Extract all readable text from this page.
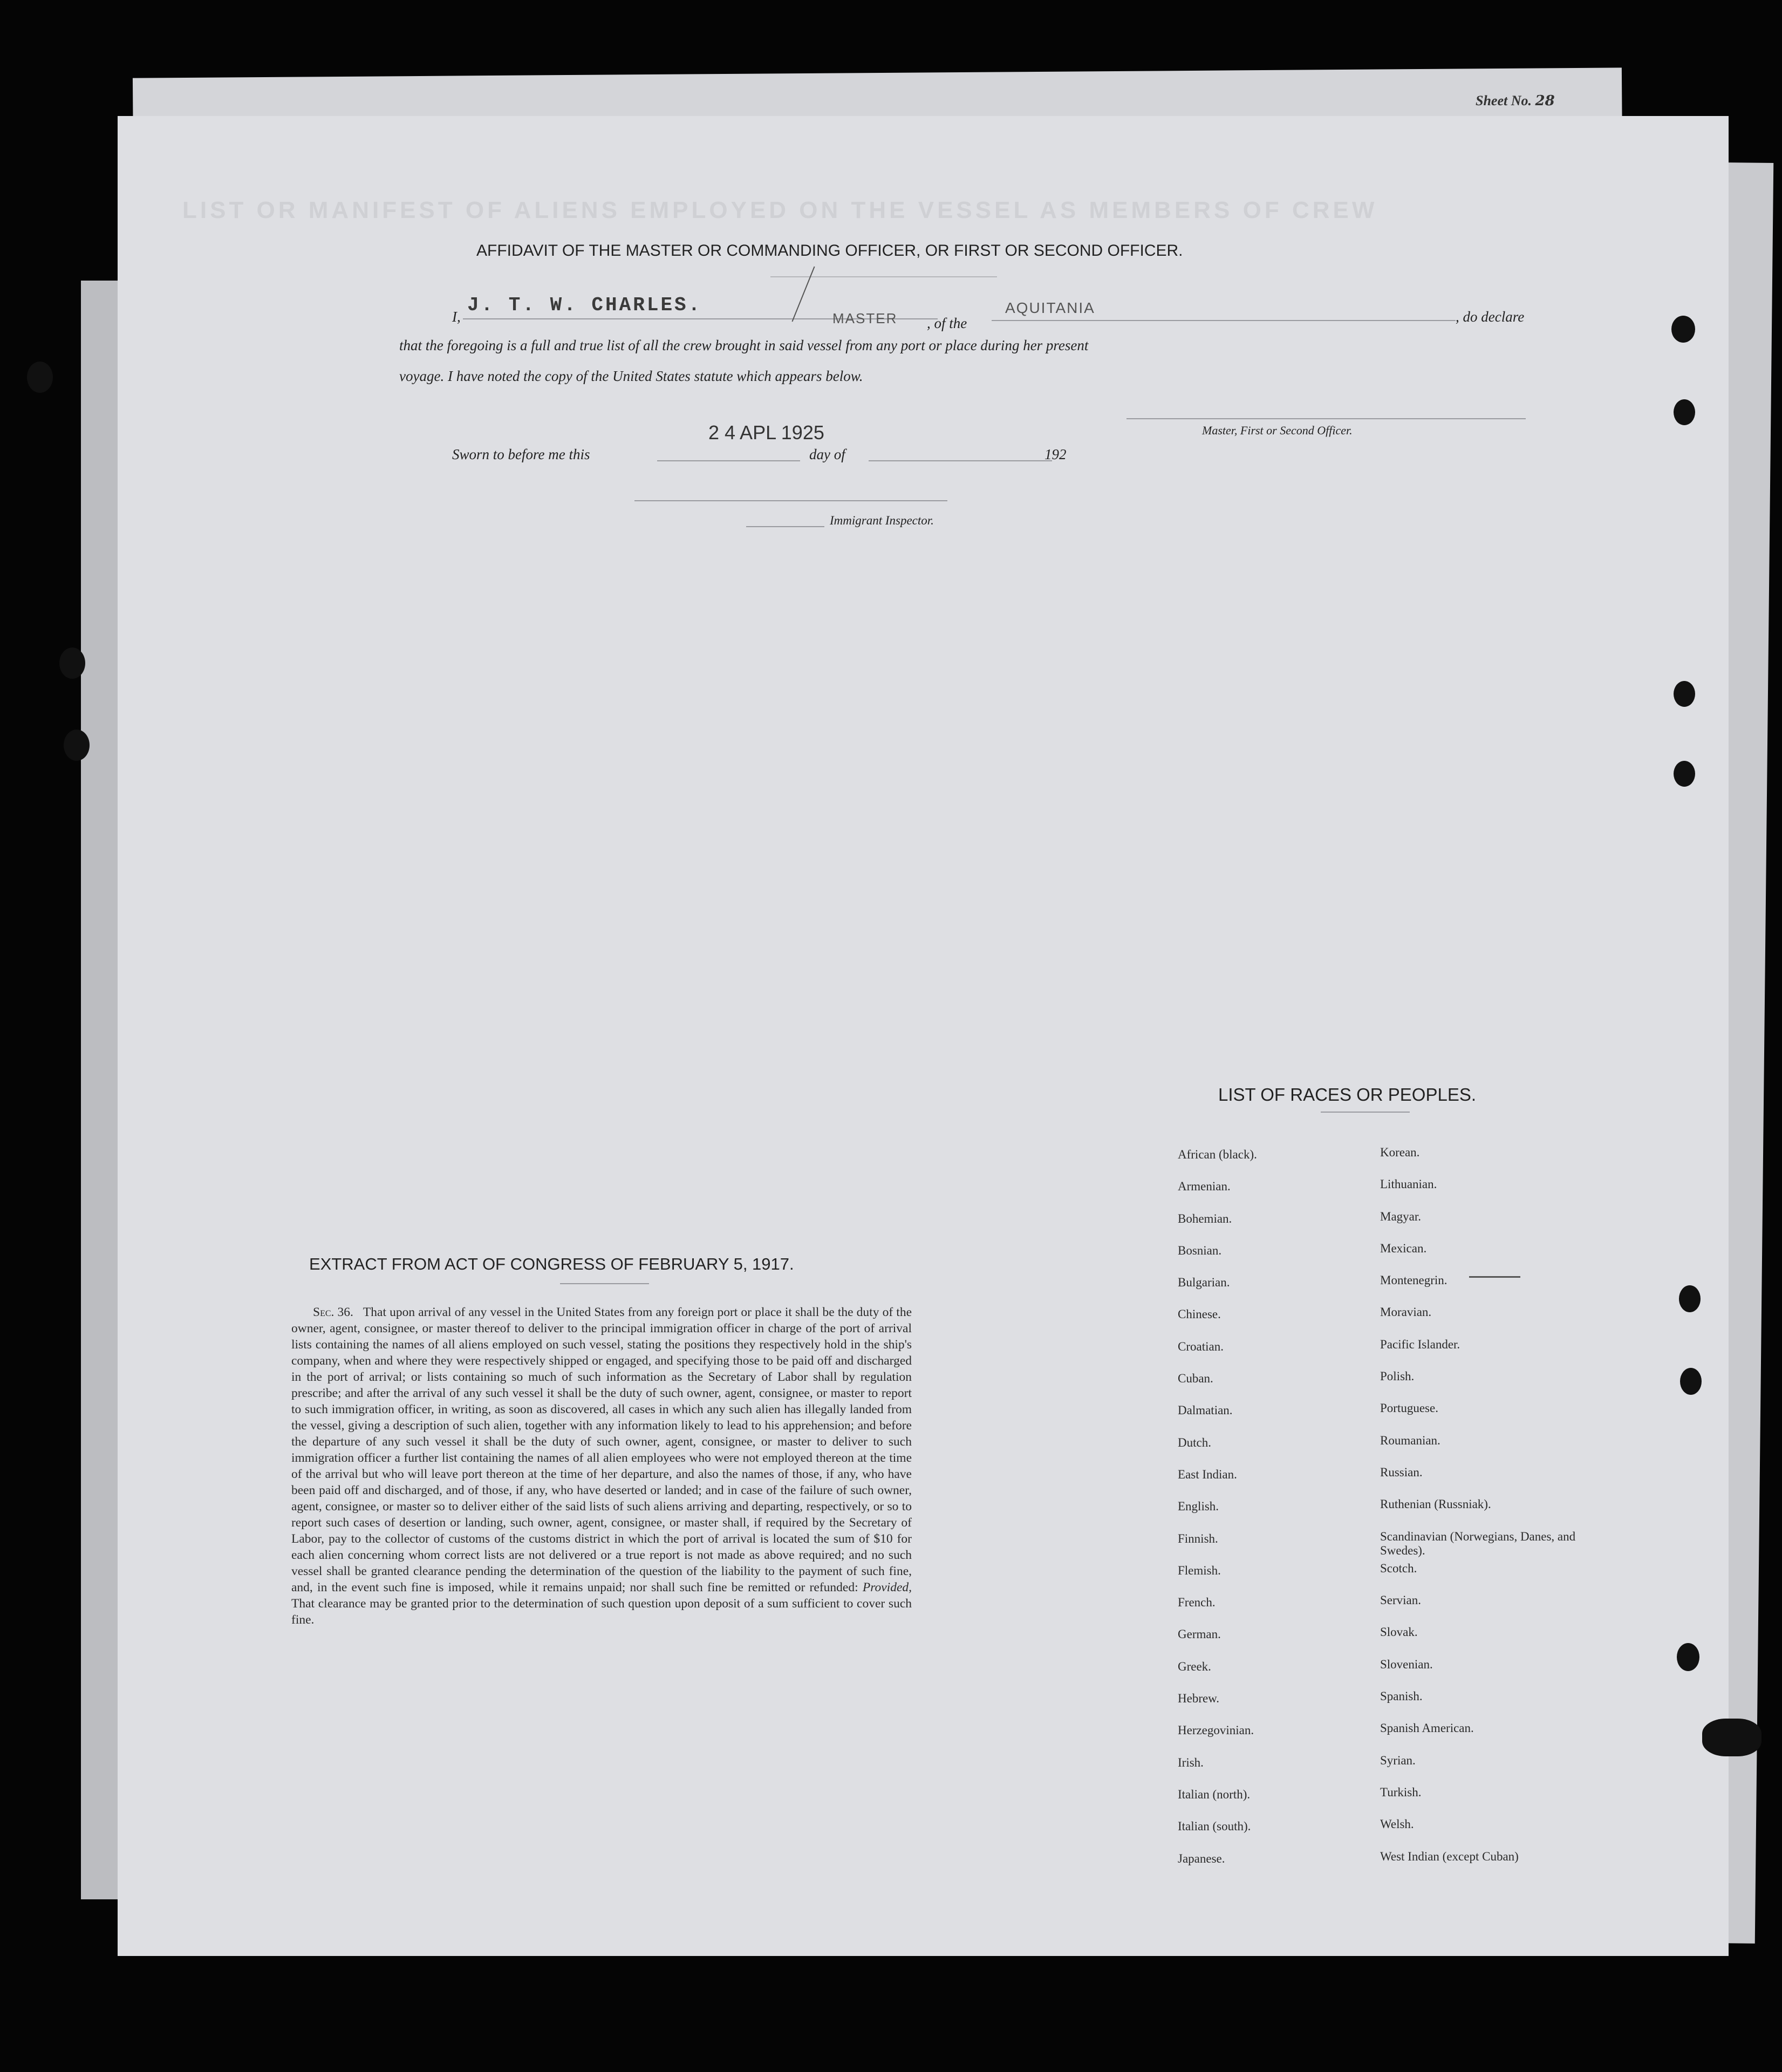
Sheet No. 28
LIST OR MANIFEST OF ALIENS EMPLOYED ON THE VESSEL AS MEMBERS OF CREW
AFFIDAVIT OF THE MASTER OR COMMANDING OFFICER, OR FIRST OR SECOND OFFICER.
I,
J. T. W. CHARLES.
MASTER , of the
AQUITANIA
, do declare
that the foregoing is a full and true list of all the crew brought in said vessel from any port or place during her present
voyage. I have noted the copy of the United States statute which appears below.
Master, First or Second Officer.
Sworn to before me this
2 4 APL 1925
day of	192
Immigrant Inspector.
EXTRACT FROM ACT OF CONGRESS OF FEBRUARY 5, 1917.
Sec. 36. That upon arrival of any vessel in the United States from any foreign port or place it shall be the duty of the owner, agent, consignee, or master thereof to deliver to the principal immigration officer in charge of the port of arrival lists containing the names of all aliens employed on such vessel, stating the positions they respectively hold in the ship's company, when and where they were respectively shipped or engaged, and specifying those to be paid off and discharged in the port of arrival; or lists containing so much of such information as the Secretary of Labor shall by regulation prescribe; and after the arrival of any such vessel it shall be the duty of such owner, agent, consignee, or master to report to such immigration officer, in writing, as soon as discovered, all cases in which any such alien has illegally landed from the vessel, giving a description of such alien, together with any information likely to lead to his apprehension; and before the departure of any such vessel it shall be the duty of such owner, agent, consignee, or master to deliver to such immigration officer a further list containing the names of all alien employees who were not employed thereon at the time of the arrival but who will leave port thereon at the time of her departure, and also the names of those, if any, who have been paid off and discharged, and of those, if any, who have deserted or landed; and in case of the failure of such owner, agent, consignee, or master so to deliver either of the said lists of such aliens arriving and departing, respectively, or so to report such cases of desertion or landing, such owner, agent, consignee, or master shall, if required by the Secretary of Labor, pay to the collector of customs of the customs district in which the port of arrival is located the sum of $10 for each alien concerning whom correct lists are not delivered or a true report is not made as above required; and no such vessel shall be granted clearance pending the determination of the question of the liability to the payment of such fine, and, in the event such fine is imposed, while it remains unpaid; nor shall such fine be remitted or refunded: Provided, That clearance may be granted prior to the determination of such question upon deposit of a sum sufficient to cover such fine.
LIST OF RACES OR PEOPLES.
African (black).
Armenian.
Bohemian.
Bosnian.
Bulgarian.
Chinese.
Croatian.
Cuban.
Dalmatian.
Dutch.
East Indian.
English.
Finnish.
Flemish.
French.
German.
Greek.
Hebrew.
Herzegovinian.
Irish.
Italian (north).
Italian (south).
Japanese.
Korean.
Lithuanian.
Magyar.
Mexican.
Montenegrin.
Moravian.
Pacific Islander.
Polish.
Portuguese.
Roumanian.
Russian.
Ruthenian (Russniak).
Scandinavian (Norwegians, Danes, and Swedes).
Scotch.
Servian.
Slovak.
Slovenian.
Spanish.
Spanish American.
Syrian.
Turkish.
Welsh.
West Indian (except Cuban)
